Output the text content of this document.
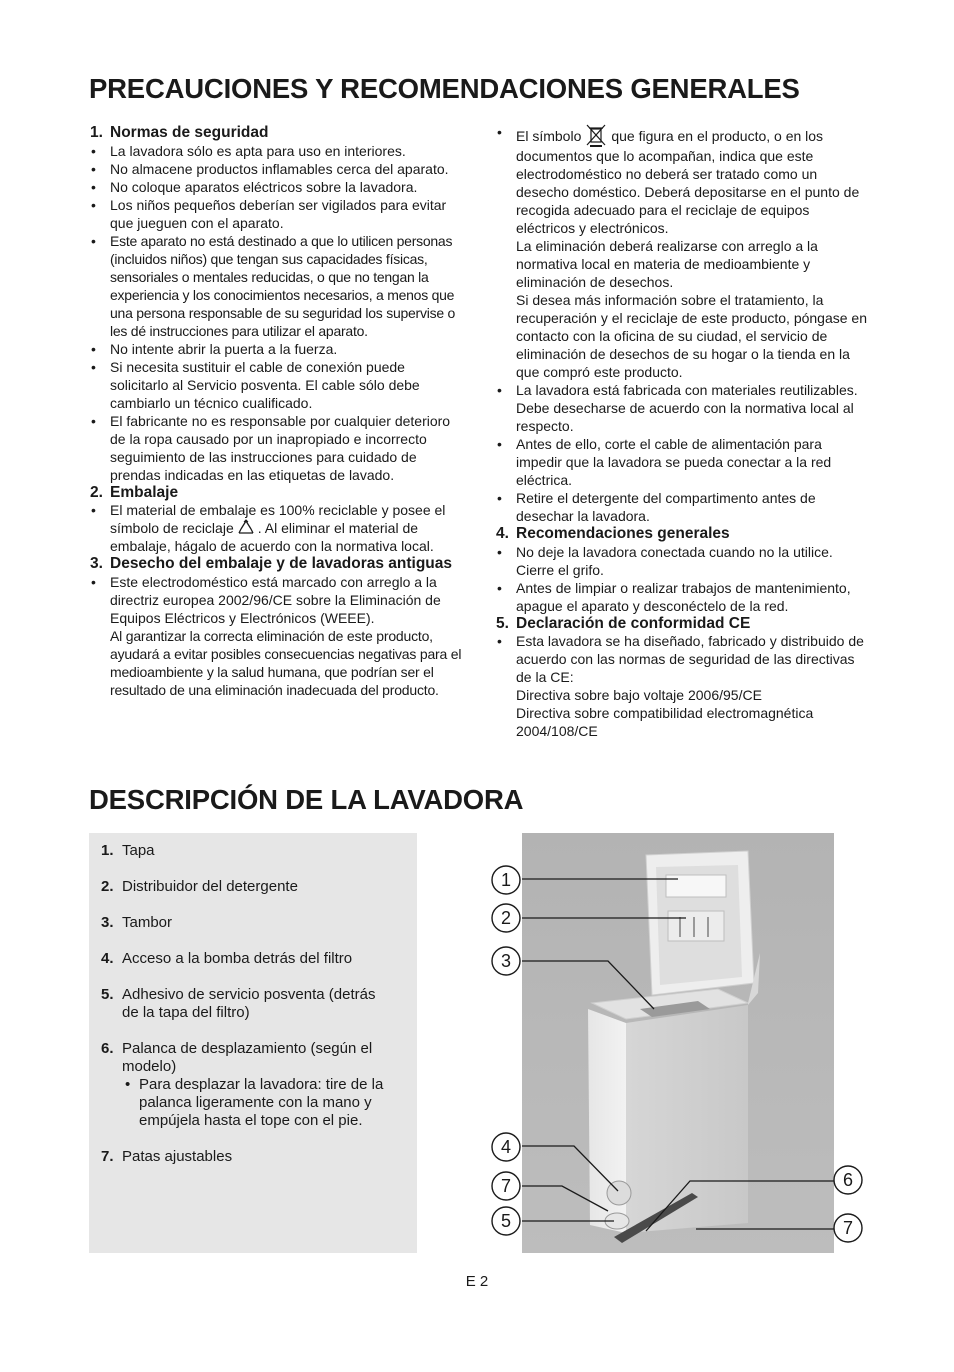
PRECAUCIONES Y RECOMENDACIONES GENERALES
1. Normas de seguridad
• La lavadora sólo es apta para uso en interiores.
• No almacene productos inflamables cerca del aparato.
• No coloque aparatos eléctricos sobre la lavadora.
• Los niños pequeños deberían ser vigilados para evitar que jueguen con el aparato.
• Este aparato no está destinado a que lo utilicen personas (incluidos niños) que tengan sus capacidades físicas, sensoriales o mentales reducidas, o que no tengan la experiencia y los conocimientos necesarios, a menos que una persona responsable de su seguridad los supervise o les dé instrucciones para utilizar el aparato.
• No intente abrir la puerta a la fuerza.
• Si necesita sustituir el cable de conexión puede solicitarlo al Servicio posventa. El cable sólo debe cambiarlo un técnico cualificado.
• El fabricante no es responsable por cualquier deterioro de la ropa causado por un inapropiado e incorrecto seguimiento de las instrucciones para cuidado de prendas indicadas en las etiquetas de lavado.
2. Embalaje
• El material de embalaje es 100% reciclable y posee el símbolo de reciclaje . Al eliminar el material de embalaje, hágalo de acuerdo con la normativa local.
3. Desecho del embalaje y de lavadoras antiguas
• Este electrodoméstico está marcado con arreglo a la directriz europea 2002/96/CE sobre la Eliminación de Equipos Eléctricos y Electrónicos (WEEE).
Al garantizar la correcta eliminación de este producto, ayudará a evitar posibles consecuencias negativas para el medioambiente y la salud humana, que podrían ser el resultado de una eliminación inadecuada del producto.
• El símbolo que figura en el producto, o en los documentos que lo acompañan, indica que este electrodoméstico no deberá ser tratado como un desecho doméstico. Deberá depositarse en el punto de recogida adecuado para el reciclaje de equipos eléctricos y electrónicos.
La eliminación deberá realizarse con arreglo a la normativa local en materia de medioambiente y eliminación de desechos.
Si desea más información sobre el tratamiento, la recuperación y el reciclaje de este producto, póngase en contacto con la oficina de su ciudad, el servicio de eliminación de desechos de su hogar o la tienda en la que compró este producto.
• La lavadora está fabricada con materiales reutilizables. Debe desecharse de acuerdo con la normativa local al respecto.
• Antes de ello, corte el cable de alimentación para impedir que la lavadora se pueda conectar a la red eléctrica.
• Retire el detergente del compartimento antes de desechar la lavadora.
4. Recomendaciones generales
• No deje la lavadora conectada cuando no la utilice. Cierre el grifo.
• Antes de limpiar o realizar trabajos de mantenimiento, apague el aparato y desconéctelo de la red.
5. Declaración de conformidad CE
• Esta lavadora se ha diseñado, fabricado y distribuido de acuerdo con las normas de seguridad de las directivas de la CE:
Directiva sobre bajo voltaje 2006/95/CE
Directiva sobre compatibilidad electromagnética 2004/108/CE
DESCRIPCIÓN DE LA LAVADORA
1. Tapa
2. Distribuidor del detergente
3. Tambor
4. Acceso a la bomba detrás del filtro
5. Adhesivo de servicio posventa (detrás de la tapa del filtro)
6. Palanca de desplazamiento (según el modelo)
• Para desplazar la lavadora: tire de la palanca ligeramente con la mano y empújela hasta el tope con el pie.
7. Patas ajustables
1
2
3
4
7
5
6
7
E 2
